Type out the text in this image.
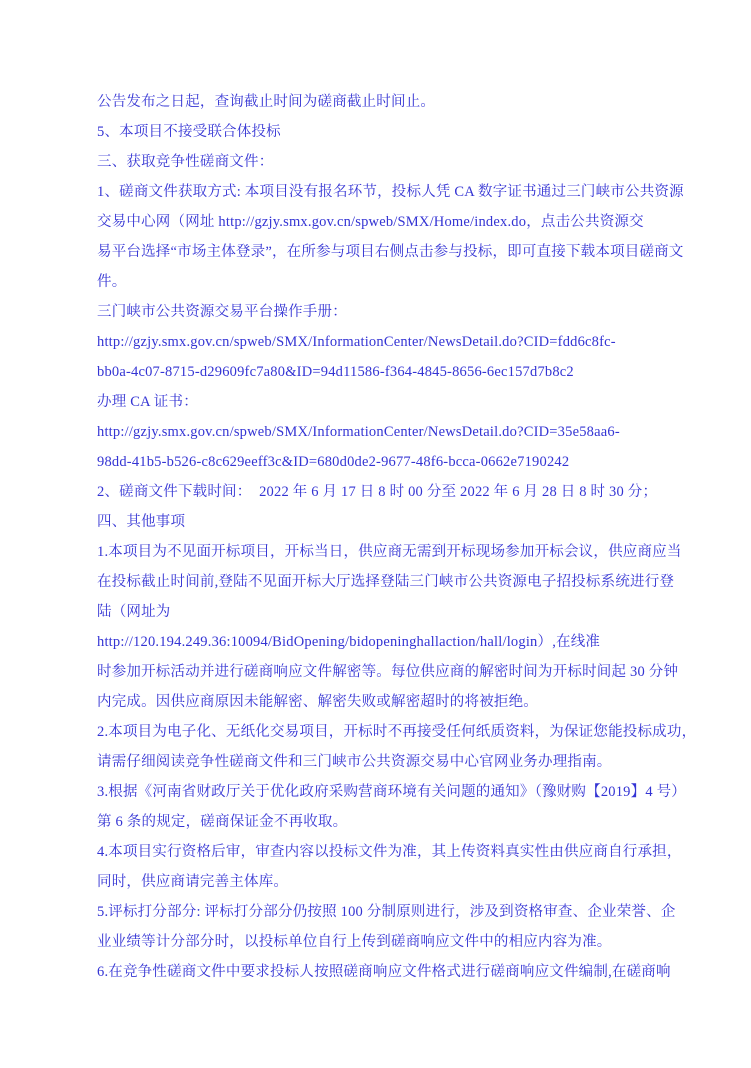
公告发布之日起，查询截止时间为磋商截止时间止。
5、本项目不接受联合体投标
三、获取竞争性磋商文件：
1、磋商文件获取方式: 本项目没有报名环节，投标人凭 CA 数字证书通过三门峡市公共资源
交易中心网（网址 http://gzjy.smx.gov.cn/spweb/SMX/Home/index.do，点击公共资源交
易平台选择“市场主体登录”，在所参与项目右侧点击参与投标，即可直接下载本项目磋商文
件。
三门峡市公共资源交易平台操作手册：
http://gzjy.smx.gov.cn/spweb/SMX/InformationCenter/NewsDetail.do?CID=fdd6c8fc-
bb0a-4c07-8715-d29609fc7a80&ID=94d11586-f364-4845-8656-6ec157d7b8c2
办理 CA 证书：
http://gzjy.smx.gov.cn/spweb/SMX/InformationCenter/NewsDetail.do?CID=35e58aa6-
98dd-41b5-b526-c8c629eeff3c&ID=680d0de2-9677-48f6-bcca-0662e7190242
2、磋商文件下载时间：  2022 年 6 月 17 日 8 时 00 分至 2022 年 6 月 28 日 8 时 30 分；
四、其他事项
1.本项目为不见面开标项目，开标当日，供应商无需到开标现场参加开标会议，供应商应当
在投标截止时间前,登陆不见面开标大厅选择登陆三门峡市公共资源电子招投标系统进行登
陆（网址为
http://120.194.249.36:10094/BidOpening/bidopeninghallaction/hall/login）,在线准
时参加开标活动并进行磋商响应文件解密等。每位供应商的解密时间为开标时间起 30 分钟
内完成。因供应商原因未能解密、解密失败或解密超时的将被拒绝。
2.本项目为电子化、无纸化交易项目，开标时不再接受任何纸质资料，为保证您能投标成功，
请需仔细阅读竞争性磋商文件和三门峡市公共资源交易中心官网业务办理指南。
3.根据《河南省财政厅关于优化政府采购营商环境有关问题的通知》（豫财购【2019】4 号）
第 6 条的规定，磋商保证金不再收取。
4.本项目实行资格后审，审查内容以投标文件为准，其上传资料真实性由供应商自行承担，
同时，供应商请完善主体库。
5.评标打分部分: 评标打分部分仍按照 100 分制原则进行，涉及到资格审查、企业荣誉、企
业业绩等计分部分时，以投标单位自行上传到磋商响应文件中的相应内容为准。
6.在竞争性磋商文件中要求投标人按照磋商响应文件格式进行磋商响应文件编制,在磋商响
